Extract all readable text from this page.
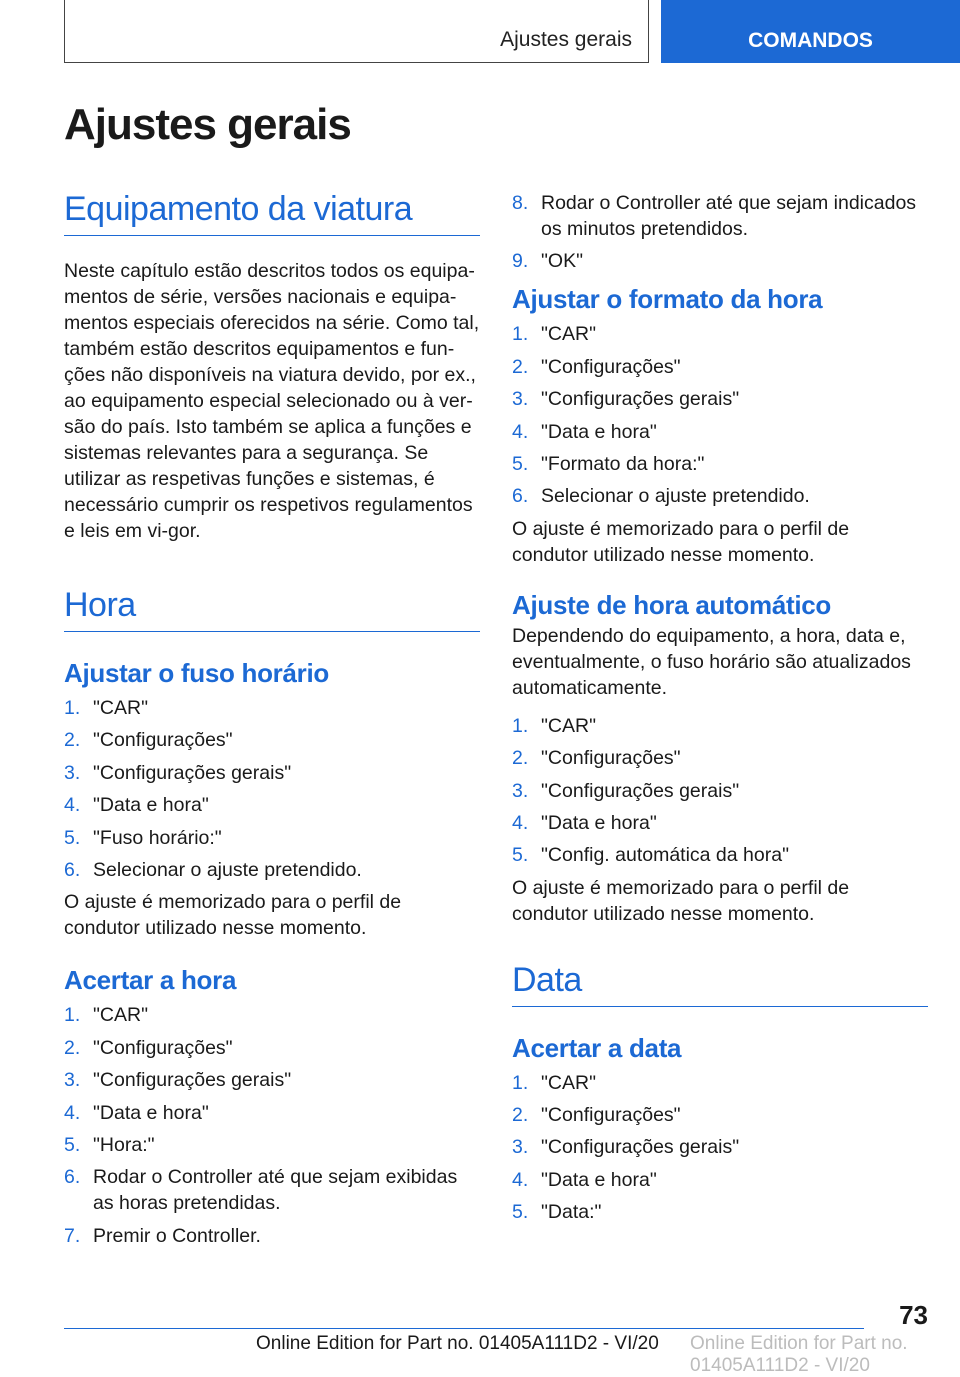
Ajustes gerais	COMANDOS
Ajustes gerais
Equipamento da viatura

Neste capítulo estão descritos todos os equipa-mentos de série, versões nacionais e equipa-mentos especiais oferecidos na série. Como tal, também estão descritos equipamentos e fun-ções não disponíveis na viatura devido, por ex., ao equipamento especial selecionado ou à ver-são do país. Isto também se aplica a funções e sistemas relevantes para a segurança. Se utilizar as respetivas funções e sistemas, é necessário cumprir os respetivos regulamentos e leis em vi-gor.

Hora
Ajustar o fuso horário
1. "CAR"
2. "Configurações"
3. "Configurações gerais"
4. "Data e hora"
5. "Fuso horário:"
6. Selecionar o ajuste pretendido.

O ajuste é memorizado para o perfil de condutor utilizado nesse momento.

Acertar a hora
1. "CAR"
2. "Configurações"
3. "Configurações gerais"
4. "Data e hora"
5. "Hora:"
6. Rodar o Controller até que sejam exibidas as horas pretendidas.
7. Premir o Controller.
8. Rodar o Controller até que sejam indicados os minutos pretendidos.
9. "OK"
Ajustar o formato da hora
1. "CAR"
2. "Configurações"
3. "Configurações gerais"
4. "Data e hora"
5. "Formato da hora:"
6. Selecionar o ajuste pretendido.

O ajuste é memorizado para o perfil de condutor utilizado nesse momento.

Ajuste de hora automático

Dependendo do equipamento, a hora, data e, eventualmente, o fuso horário são atualizados automaticamente.

1. "CAR"
2. "Configurações"
3. "Configurações gerais"
4. "Data e hora"
5. "Config. automática da hora"

O ajuste é memorizado para o perfil de condutor utilizado nesse momento.

Data
Acertar a data
1. "CAR"
2. "Configurações"
3. "Configurações gerais"
4. "Data e hora"
5. "Data:"
73
Online Edition for Part no. 01405A111D2 - VI/20 Online Edition for Part no. 01405A111D2 - VI/20
